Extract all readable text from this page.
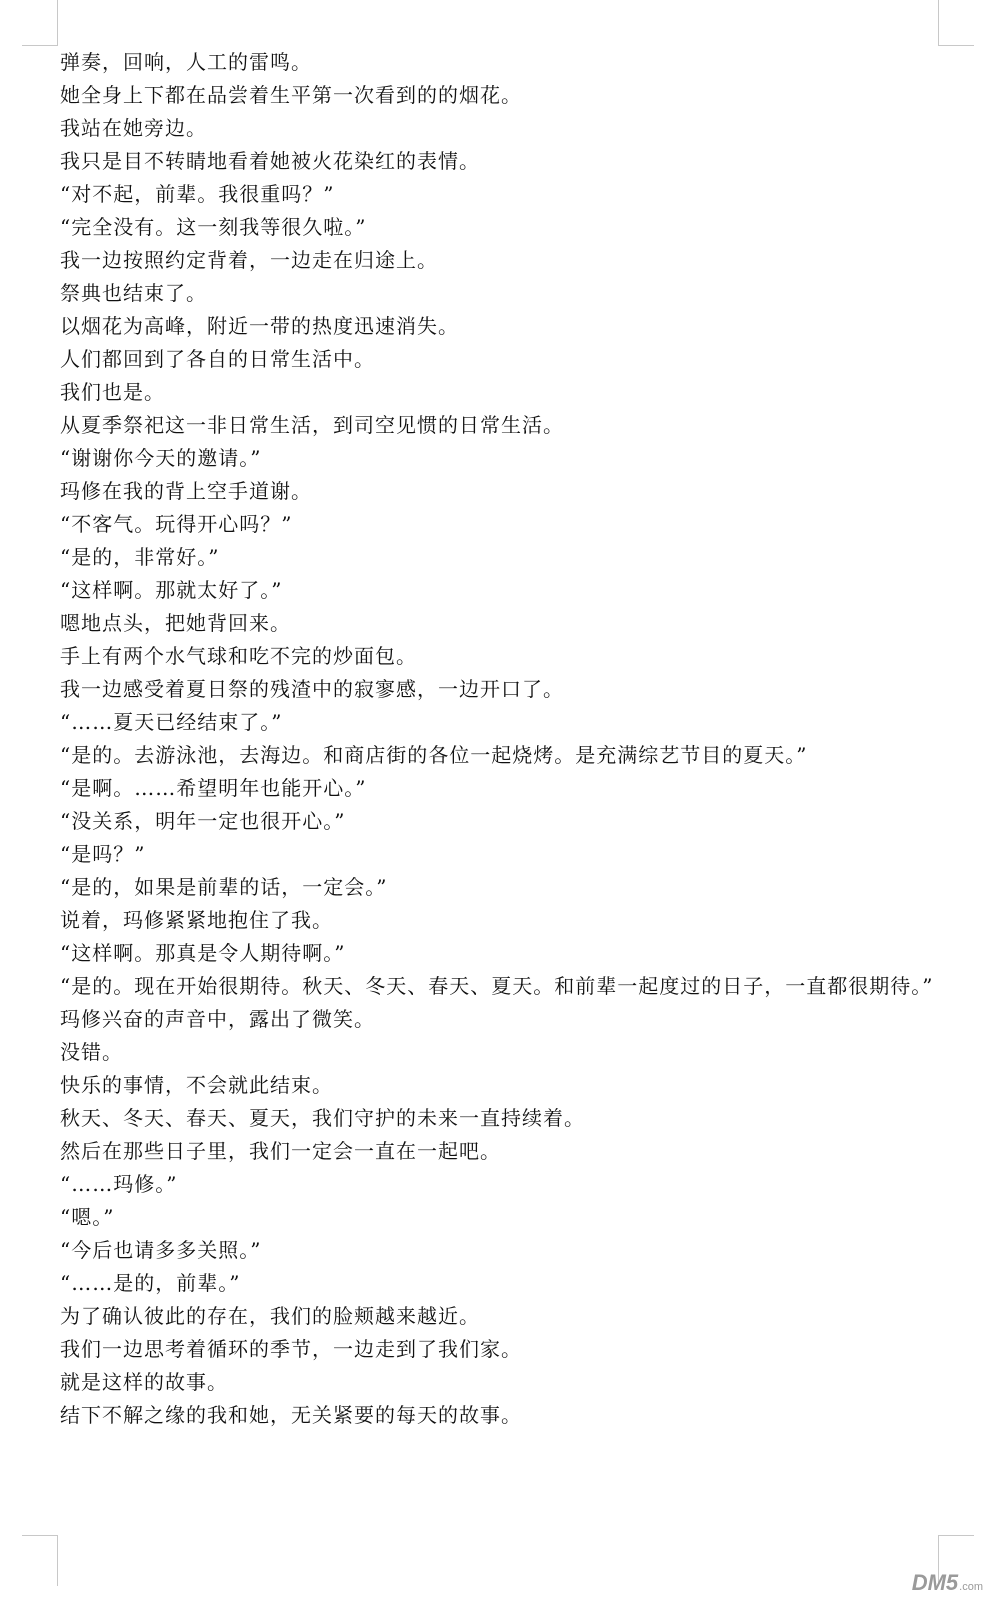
弹奏，回响，人工的雷鸣。
她全身上下都在品尝着生平第一次看到的的烟花。
我站在她旁边。
我只是目不转睛地看着她被火花染红的表情。
“对不起，前辈。我很重吗？”
“完全没有。这一刻我等很久啦。”
我一边按照约定背着，一边走在归途上。
祭典也结束了。
以烟花为高峰，附近一带的热度迅速消失。
人们都回到了各自的日常生活中。
我们也是。
从夏季祭祀这一非日常生活，到司空见惯的日常生活。
“谢谢你今天的邀请。”
玛修在我的背上空手道谢。
“不客气。玩得开心吗？”
“是的，非常好。”
“这样啊。那就太好了。”
嗯地点头，把她背回来。
手上有两个水气球和吃不完的炒面包。
我一边感受着夏日祭的残渣中的寂寥感，一边开口了。
“……夏天已经结束了。”
“是的。去游泳池，去海边。和商店街的各位一起烧烤。是充满综艺节目的夏天。”
“是啊。……希望明年也能开心。”
“没关系，明年一定也很开心。”
“是吗？”
“是的，如果是前辈的话，一定会。”
说着，玛修紧紧地抱住了我。
“这样啊。那真是令人期待啊。”
“是的。现在开始很期待。秋天、冬天、春天、夏天。和前辈一起度过的日子，一直都很期待。”
玛修兴奋的声音中，露出了微笑。
没错。
快乐的事情，不会就此结束。
秋天、冬天、春天、夏天，我们守护的未来一直持续着。
然后在那些日子里，我们一定会一直在一起吧。
“……玛修。”
“嗯。”
“今后也请多多关照。”
“……是的，前辈。”
为了确认彼此的存在，我们的脸颊越来越近。
我们一边思考着循环的季节，一边走到了我们家。
就是这样的故事。
结下不解之缘的我和她，无关紧要的每天的故事。
DM5 .com
